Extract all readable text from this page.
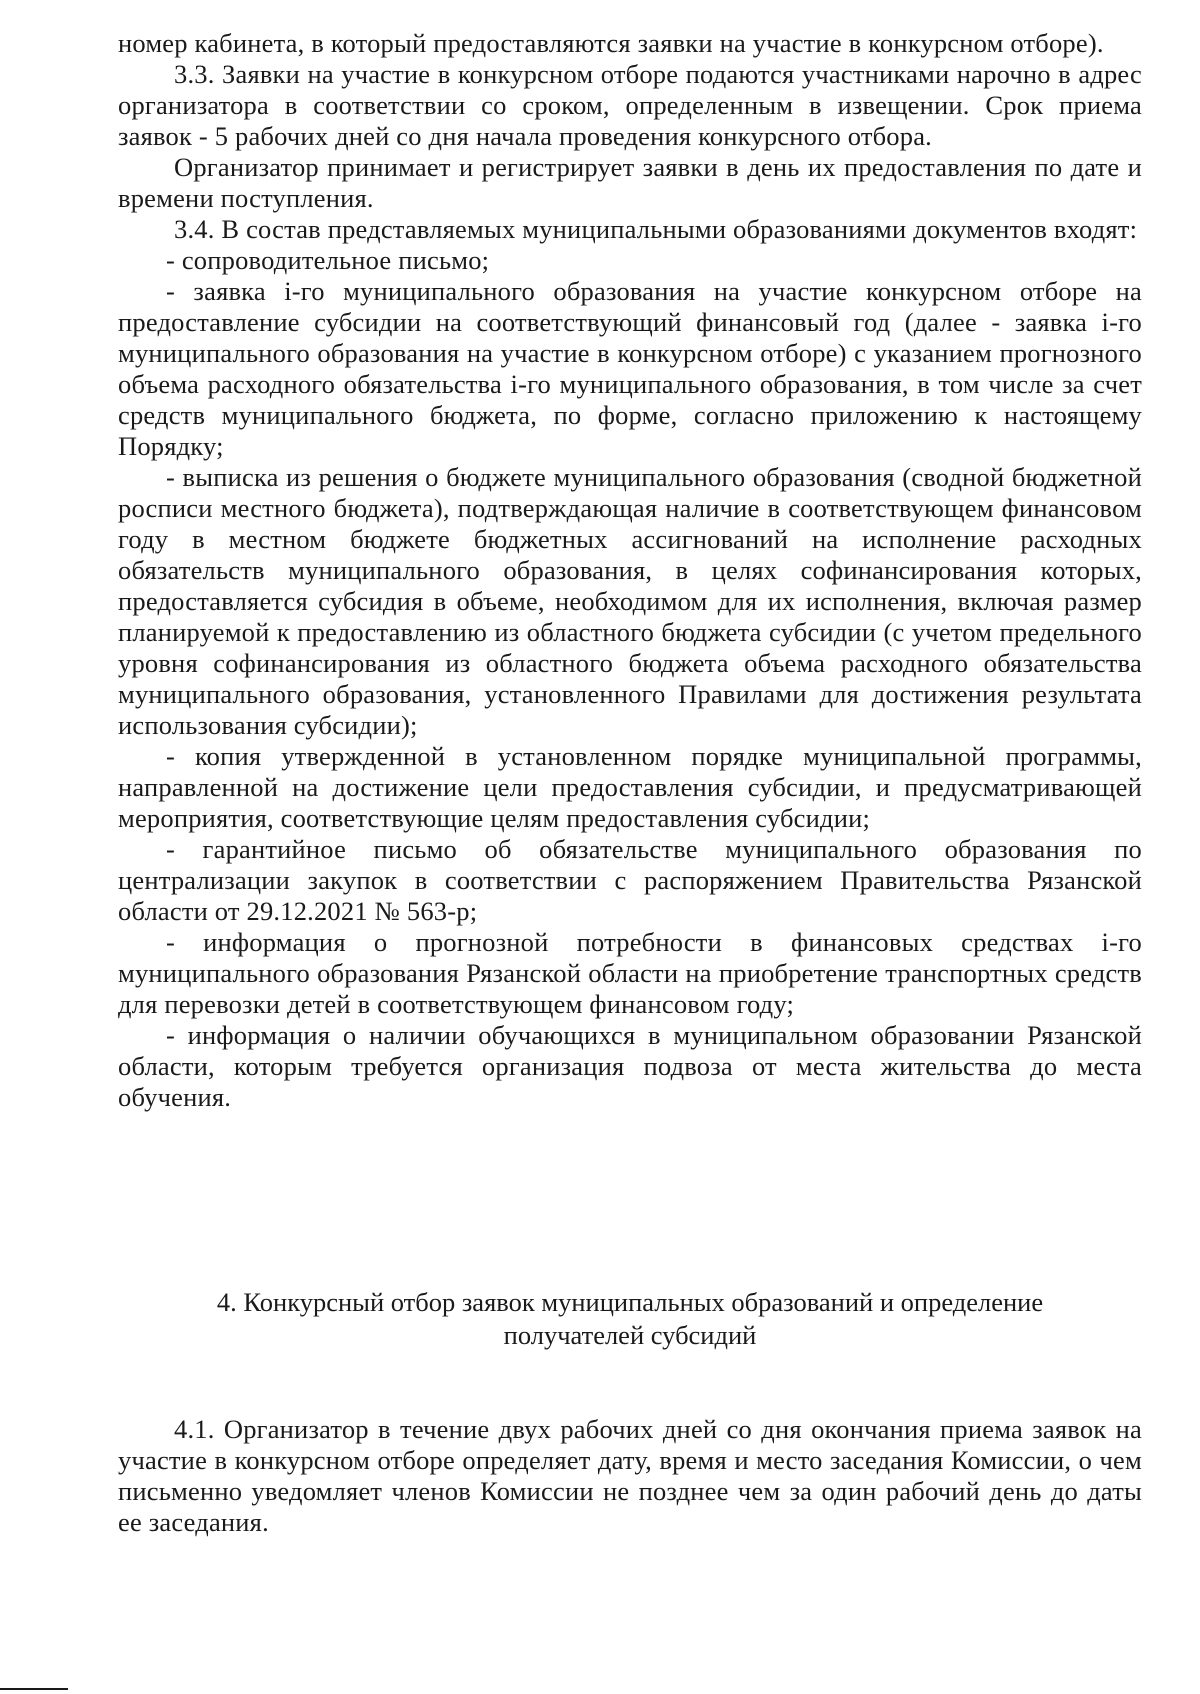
номер кабинета, в который предоставляются заявки на участие в конкурсном отборе).

3.3. Заявки на участие в конкурсном отборе подаются участниками нарочно в адрес организатора в соответствии со сроком, определенным в извещении. Срок приема заявок - 5 рабочих дней со дня начала проведения конкурсного отбора.

Организатор принимает и регистрирует заявки в день их предоставления по дате и времени поступления.

3.4. В состав представляемых муниципальными образованиями документов входят:

- сопроводительное письмо;

- заявка i-го муниципального образования на участие конкурсном отборе на предоставление субсидии на соответствующий финансовый год (далее - заявка i-го муниципального образования на участие в конкурсном отборе) с указанием прогнозного объема расходного обязательства i-го муниципального образования, в том числе за счет средств муниципального бюджета, по форме, согласно приложению к настоящему Порядку;

- выписка из решения о бюджете муниципального образования (сводной бюджетной росписи местного бюджета), подтверждающая наличие в соответствующем финансовом году в местном бюджете бюджетных ассигнований на исполнение расходных обязательств муниципального образования, в целях софинансирования которых, предоставляется субсидия в объеме, необходимом для их исполнения, включая размер планируемой к предоставлению из областного бюджета субсидии (с учетом предельного уровня софинансирования из областного бюджета объема расходного обязательства муниципального образования, установленного Правилами для достижения результата использования субсидии);

- копия утвержденной в установленном порядке муниципальной программы, направленной на достижение цели предоставления субсидии, и предусматривающей мероприятия, соответствующие целям предоставления субсидии;

- гарантийное письмо об обязательстве муниципального образования по централизации закупок в соответствии с распоряжением Правительства Рязанской области от 29.12.2021 № 563-р;

- информация о прогнозной потребности в финансовых средствах i-го муниципального образования Рязанской области на приобретение транспортных средств для перевозки детей в соответствующем финансовом году;

- информация о наличии обучающихся в муниципальном образовании Рязанской области, которым требуется организация подвоза от места жительства до места обучения.

4. Конкурсный отбор заявок муниципальных образований и определение
получателей субсидий

4.1. Организатор в течение двух рабочих дней со дня окончания приема заявок на участие в конкурсном отборе определяет дату, время и место заседания Комиссии, о чем письменно уведомляет членов Комиссии не позднее чем за один рабочий день до даты ее заседания.
